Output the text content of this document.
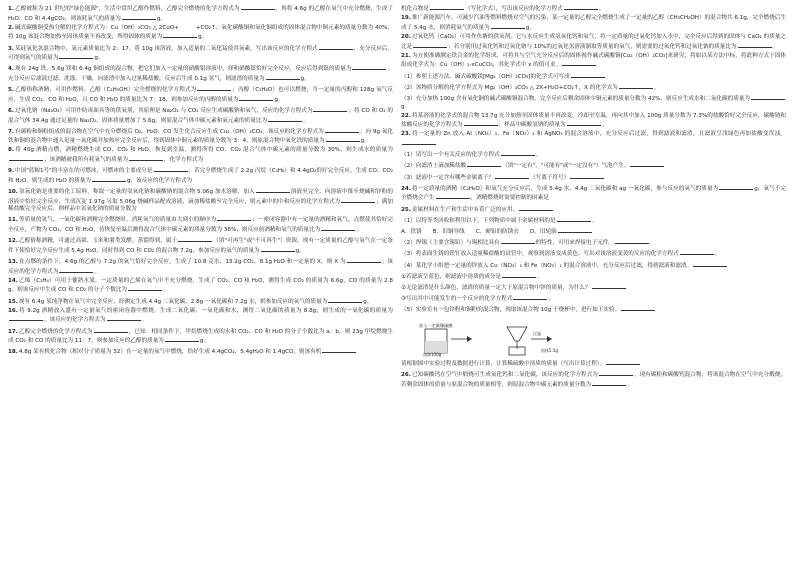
1.乙醇被称为 21 世纪的"绿色能源"，生活中常用乙醇作燃料，乙醇完全燃烧的化学方程式为	，现将 4.6g 的乙醇在氧气中充分燃烧，生成了 H₂O、CO 和 4.4gCO₂，则该耗氧气的质量为	g。

2.碱式碳酸铜受热分解的化学方程式为：Cu（OH）₂CO₃ △ 2CuO+　　　+CO₂↑；氧化碳酸铜和氧化铜组成的固体混合物中铜元素的质量分数为 40%，将 10g 该混合物加热至固体质量不再改变，所得固体的质量为	g。

3.某硅氧化氢混合物中，氧元素质量比为 2：17。将 10g 该溶液，加入适量的二氧化锰使其氧素，写出该反应的化学方程式	，充分反应后，可得到氧气的质量为	g。

4.现有 24g 铁、5.6g 镁和 6.4g 铜组成的混合物，把它们加入一定量的硝酸银溶液中，择和硝酸银恰好完全反应，反应后得到银的质量为	，充分反应后滤液过滤、洗涤、干燥，向滤渣中加入过量稀盐酸，反应后生成 0.1g 氢气，则滤渣的质量为	g。

5.乙醇俗称酒精，可用作燃料。乙醇（C₂H₅OH）完全燃烧的化学方程式为	；丙醇（C₃H₈O）也可以燃烧，当一定量的丙醇和 128g 氧气反应，生成 CO₂、CO 和 H₂O，且 CO 和 H₂O 的质量比为 7：18，则参加反应的丙醇的质量为	g。

6.过氧化钠（Na₂O₂）可用作防毒面具等的供氧剂，其原理是 Na₂O₂ 与 CO₂ 反应生成碳酸钠和氧气，反应的化学方程式为	；将 CO 和 O₂ 的混合气体 34.4g 通过足量的 Na₂O₂，固体质量增加了 5.6g，则原混合气体中碳元素和氧元素的质量比为	。

7.有碳粉和铜粉组成的混合物在空气中充分燃烧后 O₂、H₂O、CO 发生化合反应生成 Cu₂（OH）₂CO₃，该反应的化学方程式为	；向 9g 氧化铁和铜的混合物中通入足量一氧化碳并加热至完全反应后，得到固体中铜元素的质量分数为 3：4，则原混合物中氧化铁的质量为	g。

8.将 40g 酒精点燃，酒精燃烧生成 CO、CO₂ 和 H₂O，恢复到室温，测得所得 CO、CO₂ 混合气体中碳元素的质量分数为 30%，则生成水的质量为；该酒精被我所有耗氧气的质量为	，化学方程式为

9.中国"蓝鲸1号"的丰富在的可燃冰，可燃冰的主要成分是	；若完全燃烧生成了 2.2g 丙烷（C₃H₈）和 4.4gO₂恰好完全反应，生成 CO、CO₂ 和 H₂O，则生成的 H₂O 的质量为	g，该反应的化学方程式为

10.氢氧化钠是重要的化工原料，称取一定量的氢氧化钠和碳酸钠的混合物 5.06g 加水溶解，加入	溶液至完全，向溶液中推至烧碱和锌粉的溶液中恰好完全反应，生成沉淀 1.97g 另取 5.06g 烧碱样品配成溶液，滴加稀盐酸至完全反应，则元素中的中和反应的化学方程式为	；满加稀盐酸完全反应后，则样品中氢氧化钠的质量分数为

11.等质量的氢气、一氧化碳和酒精完全燃烧时，消耗氧气的质量由大到小的顺序为	；一密闭容器中有一定量的酒精和氧气，点燃使其恰好完全反应，产物为 CO₂、CO 和 H₂O，待恢复至温后测得混合气体中碳元素的质量分数为 36%，则反应前酒精和氧气的质量比为	。

12.乙醇俗称酒精，可通过高粱、玉米和薯类发酵，蒸馏得到，属于	（填"可再生"或"不可再生"）资源，现有一定质量的乙醇与氧气在一定条件下使恰好完全反应生成 5.4g H₂O，同时得到 CO 和 CO₂ 的混合物 7.2g，参加反应的氧气的质量为	g。

13.在点燃的条件下，4.6g 的乙醇与 7.2g 的氧气恰好完全反应，生成了 10.8 克水、13.2g CO₂、8.1g H₂O 和一定量的 X，则 X 为	；该反应的化学方程式为	。

14.乙烯（C₂H₄）可用于催熟水果。一定质量的乙烯在氧气中不充分燃烧，生成了 CO₂、CO 和 H₂O，测得生成 CO₂ 的质量为 6.6g，CO 的质量为 2.8g，则该反应中生成 CO 和 CO₂ 的分子个数比为	。

15.现有 6.4g 某纯净物在氧气中完全反应，经测定生成 4.4g 二氧化碳、2.8g 一氧化碳和 7.2g 水，则参加反应的氧气的质量为	g。

16.将 9.2g 酒精放入盛有一定量氧气的密闭容器中燃烧，生成二氧化碳、一氧化碳和水，测得二氧化碳的质量为 8.8g，则生成的一氧化碳的质量为，该反应的化学方程式为	。

17.乙醇完全燃烧的化学方程式为	，已知：相同条件下，甲烷燃烧生成的水和 CO₂、CO 和 H₂O 的分子个数比为 a：b，则 23g 甲烷燃烧生成 CO₂ 和 CO 的质量比为 11：7，则参加反应的乙醇的质量为	g。

18.4.8g 某有机化合物（相对分子质量为 32）在一定量的氧气中燃烧，恰好生成 4.4gCO₂、5.4gH₂O 和 1.4gCO，则该有机

机化合物是	（写化学式），写出该反应的化学方程式	。

19.推广新能源汽车，可减少汽油等燃料燃烧对空气的污染，某一定量的乙醇完全燃烧生成了一定量的乙醇（CH₃CH₂OH）的混合物共 6.1g，完全燃烧后生成了 5.4g 水，则消耗氧气的质量为	g。

20.过氧化钙（CaO₂）可用作鱼塘的供氧剂，它与水反应生成氢氧化钙和氧气，将一定质量的过氧化钙加入水中，完全反应后得到的固体与 CaO₂ 的质量之比是	；若分别用过氧化钙和过氧化钠与 10%的过氧化氢溶液制取等质量的氧气，则需要的过氧化钙和过氧化钠的质量比为	。

21.为方便准确测定铁合金的化学组成，可将其与空气充分反应后的固体视作碱式碳酸铜[Cu₂（OH）₂CO₃]来研究，将如以某方法中标，将此种方式下固体组成化学式为：Cu（OH）₂·xCuCO₃，其化学式中 x 的值可求。

（1）参照上述方法，碱式碳酸镁[Mg₂（OH）₂CO₃]的化学式可写成	。

（2）该物质分解的化学方程式为 Mg₂（OH）₂CO₃ △ 2X+H₂O+CO₂↑，X 的化学式为	。

（3）充分加热 100g 含有氧化铜的碱式碳酸铜混合物，完全反应后剩余固体中铜元素的质量分数为 42%，则反应生成水和二氧化碳的质量为g。

22.将某溶液的化学式的混合物 13.7g 充分加热至固体质量不再改变，冷却至室温，再向其中加入 100g 质量分数为 7.3%的盐酸恰好完全反应，碳酸钠和盐酸反应的化学方程式为	；样品中碳酸氢钠的质量为	。

23.将一定量的 Zn 放入 Al（NO₃）₃、Fe（NO₃）₂ 和 AgNO₃ 的混合溶液中，充分反应后过滤，得到滤液和滤渣，且滤液呈浅绿色再加盐酸变浑浊。

（1）请写出一个有关反应的化学方程式	。

（2）向滤渣上滴加稀盐酸	（填"一定有"、"可能有"或"一定没有"）气泡产生。

（3）滤液中一定含有哪些金属离子？	（写离子符号）

24.将一定质量的酒精（C₂H₆O）和氧气充分反应后，生成 5.4g 水、4.4g 二氧化碳和 ag 一氧化碳，参与反应的氧气的质量为	g，氧气不完全燃烧会产生	，酒精燃烧时需要控制的因素是

25.金属材料在生产和生活中有着广泛的应用。

（1）以特等类回收和利用以下，下列物质中属于金属材料的是	。

A．铁锈　　B．旧铜导线　　C．硬铝的防锈衣　　D．旧轮胎

（2）焊锡（主要含锡铅）与锡相比具有	的特性，可用来焊接电子元件。

（3）将表面生锈的铁钉放入适量稀盐酸的试管中，观察到溶液变成黄色，写出对该溶液变黄的反应的化学方程式	。

（4）某化学小组把一定量的锌放入 Cu（NO₃）₂ 和 Fe（NO₃）₂ 的混合溶液中，充分反应后过滤，得到滤液和滤渣。

①若滤液呈蓝色，则滤液中溶质的成分是	。

②无论滤渣是什么颜色，滤渣的质量一定大于原混合物中锌的质量，为什么？

③写出其中可能发生的一个反应的化学方程式	。

（5）实验室有一包锌粉和铜粉的混合物，现取该混合物 10g 于烧杯中，进行如下实验。

加入一定量稀硫酸
溶液100g
过滤
固体5.5g

请根据图中实验过程及数据进行计算，计算稀硫酸中溶质的质量（写出计算过程）。

26.已知碳酸钙在空气中煅烧可生成氧化钙和二氧化碳，该反应的化学方程式为	。现有碳粉和碳酸钙混合物，将该混合物在空气中充分煅烧，若剩余固体的质量与原混合物的质量相等，则原混合物中碳元素的质量分数为	。
